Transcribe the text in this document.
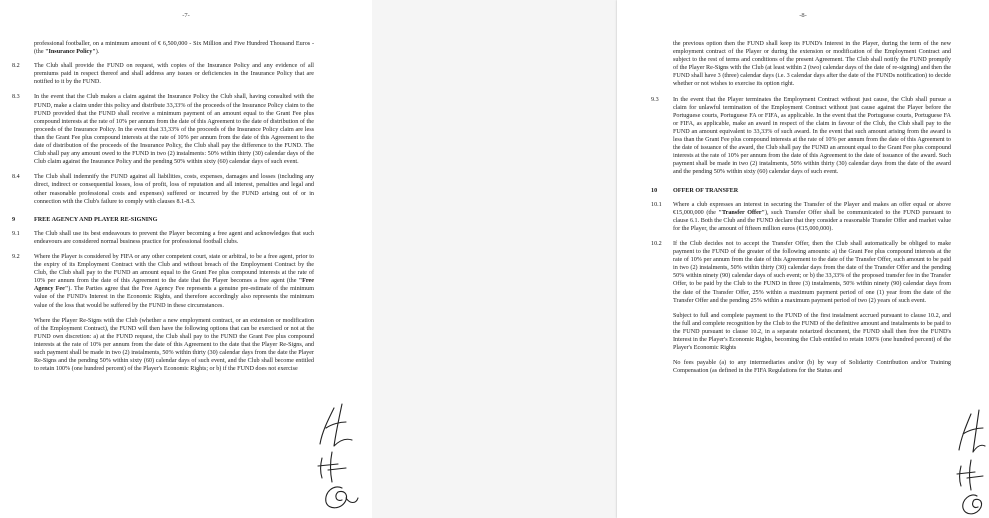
-7-
professional footballer, on a minimum amount of € 6,500,000 - Six Million and Five Hundred Thousand Euros - (the "Insurance Policy").
8.2	The Club shall provide the FUND on request, with copies of the Insurance Policy and any evidence of all premiums paid in respect thereof and shall address any issues or deficiencies in the Insurance Policy that are notified to it by the FUND.
8.3	In the event that the Club makes a claim against the Insurance Policy the Club shall, having consulted with the FUND, make a claim under this policy and distribute 33,33% of the proceeds of the Insurance Policy claim to the FUND provided that the FUND shall receive a minimum payment of an amount equal to the Grant Fee plus compound interests at the rate of 10% per annum from the date of this Agreement to the date of distribution of the proceeds of the Insurance Policy. In the event that 33,33% of the proceeds of the Insurance Policy claim are less than the Grant Fee plus compound interests at the rate of 10% per annum from the date of this Agreement to the date of distribution of the proceeds of the Insurance Policy, the Club shall pay the difference to the FUND. The Club shall pay any amount owed to the FUND in two (2) instalments: 50% within thirty (30) calendar days of the Club claim against the Insurance Policy and the pending 50% within sixty (60) calendar days of such event.
8.4	The Club shall indemnify the FUND against all liabilities, costs, expenses, damages and losses (including any direct, indirect or consequential losses, loss of profit, loss of reputation and all interest, penalties and legal and other reasonable professional costs and expenses) suffered or incurred by the FUND arising out of or in connection with the Club's failure to comply with clauses 8.1-8.3.
9	FREE AGENCY AND PLAYER RE-SIGNING
9.1	The Club shall use its best endeavours to prevent the Player becoming a free agent and acknowledges that such endeavours are considered normal business practice for professional football clubs.
9.2	Where the Player is considered by FIFA or any other competent court, state or arbitral, to be a free agent, prior to the expiry of its Employment Contract with the Club and without breach of the Employment Contract by the Club, the Club shall pay to the FUND an amount equal to the Grant Fee plus compound interests at the rate of 10% per annum from the date of this Agreement to the date that the Player becomes a free agent (the "Free Agency Fee"). The Parties agree that the Free Agency Fee represents a genuine pre-estimate of the minimum value of the FUND's Interest in the Economic Rights, and therefore accordingly also represents the minimum value of the loss that would be suffered by the FUND in these circumstances.
Where the Player Re-Signs with the Club (whether a new employment contract, or an extension or modification of the Employment Contract), the FUND will then have the following options that can be exercised or not at the FUND own discretion: a) at the FUND request, the Club shall pay to the FUND the Grant Fee plus compound interests at the rate of 10% per annum from the date of this Agreement to the date that the Player Re-Signs, and such payment shall be made in two (2) instalments, 50% within thirty (30) calendar days from the date the Player Re-Signs and the pending 50% within sixty (60) calendar days of such event, and the Club shall become entitled to retain 100% (one hundred percent) of the Player's Economic Rights; or b) if the FUND does not exercise
-8-
the previous option then the FUND shall keep its FUND's Interest in the Player, during the term of the new employment contract of the Player or during the extension or modification of the Employment Contract and subject to the rest of terms and conditions of the present Agreement. The Club shall notify the FUND promptly of the Player Re-Signs with the Club (at least within 2 (two) calendar days of the date of re-signing) and then the FUND shall have 3 (three) calendar days (i.e. 3 calendar days after the date of the FUNDs notification) to decide whether or not wishes to exercise its option right.
9.3	In the event that the Player terminates the Employment Contract without just cause, the Club shall pursue a claim for unlawful termination of the Employment Contract without just cause against the Player before the Portuguese courts, Portuguese FA or FIFA, as applicable. In the event that the Portuguese courts, Portuguese FA or FIFA, as applicable, make an award in respect of the claim in favour of the Club, the Club shall pay to the FUND an amount equivalent to 33,33% of such award. In the event that such amount arising from the award is less than the Grant Fee plus compound interests at the rate of 10% per annum from the date of this Agreement to the date of issuance of the award, the Club shall pay the FUND an amount equal to the Grant Fee plus compound interests at the rate of 10% per annum from the date of this Agreement to the date of issuance of the award. Such payment shall be made in two (2) instalments, 50% within thirty (30) calendar days from the date of the award and the pending 50% within sixty (60) calendar days of such event.
10	OFFER OF TRANSFER
10.1	Where a club expresses an interest in securing the Transfer of the Player and makes an offer equal or above €15,000,000 (the "Transfer Offer"), such Transfer Offer shall be communicated to the FUND pursuant to clause 6.1. Both the Club and the FUND declare that they consider a reasonable Transfer Offer and market value for the Player, the amount of fifteen million euros (€15,000,000).
10.2	If the Club decides not to accept the Transfer Offer, then the Club shall automatically be obliged to make payment to the FUND of the greater of the following amounts: a) the Grant Fee plus compound interests at the rate of 10% per annum from the date of this Agreement to the date of the Transfer Offer, such amount to be paid in two (2) instalments, 50% within thirty (30) calendar days from the date of the Transfer Offer and the pending 50% within ninety (90) calendar days of such event; or b) the 33,33% of the proposed transfer fee in the Transfer Offer, to be paid by the Club to the FUND in three (3) instalments, 50% within ninety (90) calendar days from the date of the Transfer Offer, 25% within a maximum payment period of one (1) year from the date of the Transfer Offer and the pending 25% within a maximum payment period of two (2) years of such event.
Subject to full and complete payment to the FUND of the first instalment accrued pursuant to clause 10.2, and the full and complete recognition by the Club to the FUND of the definitive amount and instalments to be paid to the FUND pursuant to clause 10.2, in a separate notarized document, the FUND shall then free the FUND's Interest in the Player's Economic Rights, becoming the Club entitled to retain 100% (one hundred percent) of the Player's Economic Rights
No fees payable (a) to any intermediaries and/or (b) by way of Solidarity Contribution and/or Training Compensation (as defined in the FIFA Regulations for the Status and
